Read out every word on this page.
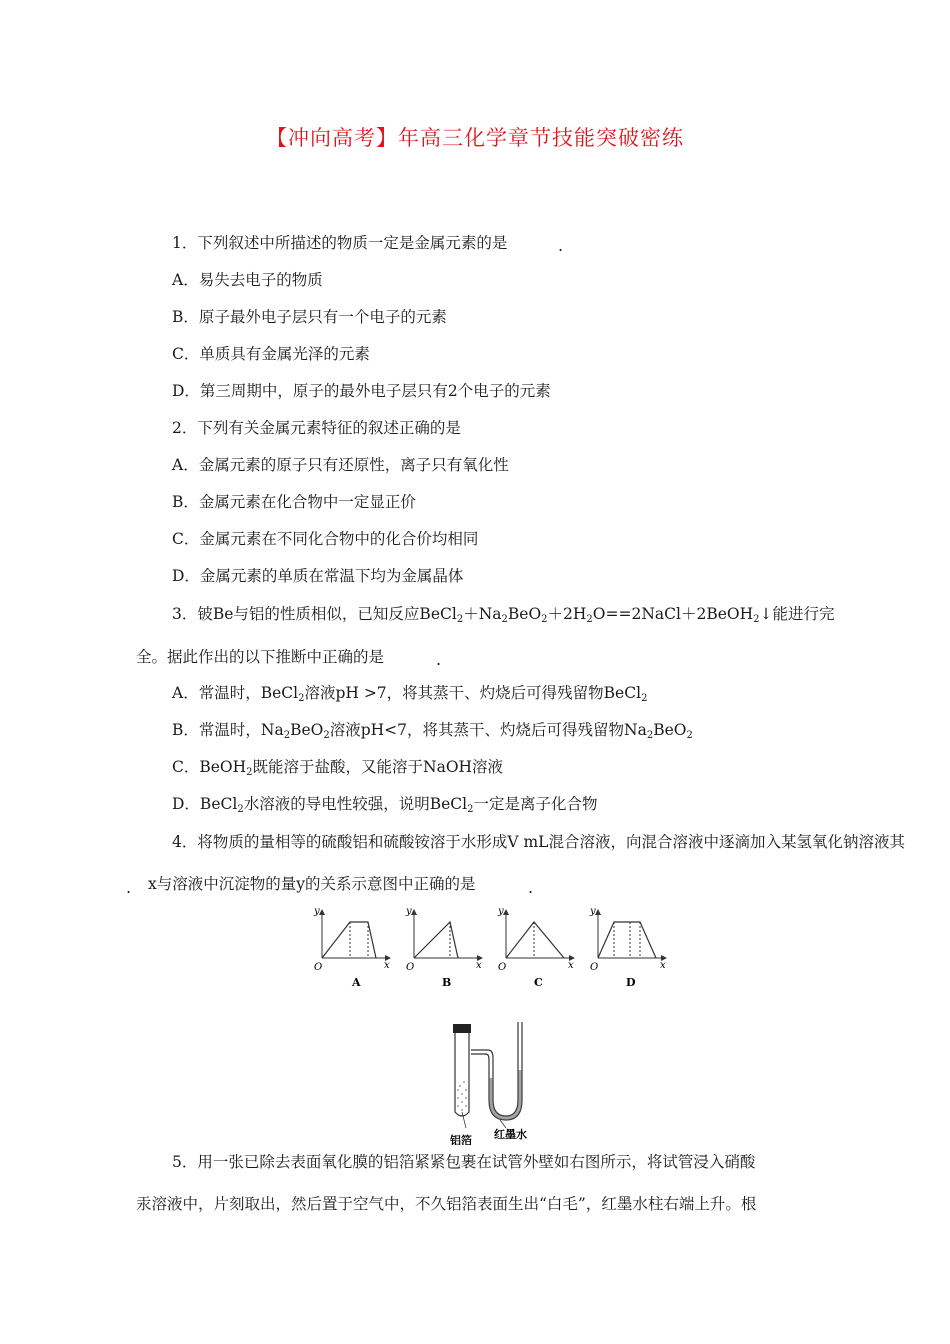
【冲向高考】年高三化学章节技能突破密练
1．下列叙述中所描述的物质一定是金属元素的是	.
A．易失去电子的物质
B．原子最外电子层只有一个电子的元素
C．单质具有金属光泽的元素
D．第三周期中，原子的最外电子层只有2个电子的元素
2．下列有关金属元素特征的叙述正确的是
A．金属元素的原子只有还原性，离子只有氧化性
B．金属元素在化合物中一定显正价
C．金属元素在不同化合物中的化合价均相同
D．金属元素的单质在常温下均为金属晶体
3．铍Be与铝的性质相似，已知反应$BeCl_2+Na_2BeO_2+2H_2O==2NaCl+2BeOH_2↓$能进行完
全。据此作出的以下推断中正确的是	.
A．常温时，BeCl$_2$溶液pH >7，将其蒸干、灼烧后可得残留物BeCl$_2$
B．常温时，$Na_2BeO_2$溶液pH<7，将其蒸干、灼烧后可得残留物$Na_2BeO_2$
C．BeOH$_2$既能溶于盐酸，又能溶于NaOH溶液
D．BeCl$_2$水溶液的导电性较强，说明BeCl$_2$一定是离子化合物
4．将物质的量相等的硫酸铝和硫酸铵溶于水形成V mL混合溶液，向混合溶液中逐滴加入某氢氧化钠溶液其
. x与溶液中沉淀物的量y的关系示意图中正确的是	.
y
O	x
A
y
O	x
B
y
O	x
C
y
O	x
D
红墨水
铝箔
5．用一张已除去表面氧化膜的铝箔紧紧包裹在试管外壁如右图所示，将试管浸入硝酸
汞溶液中，片刻取出，然后置于空气中，不久铝箔表面生出“白毛”，红墨水柱右端上升。根
